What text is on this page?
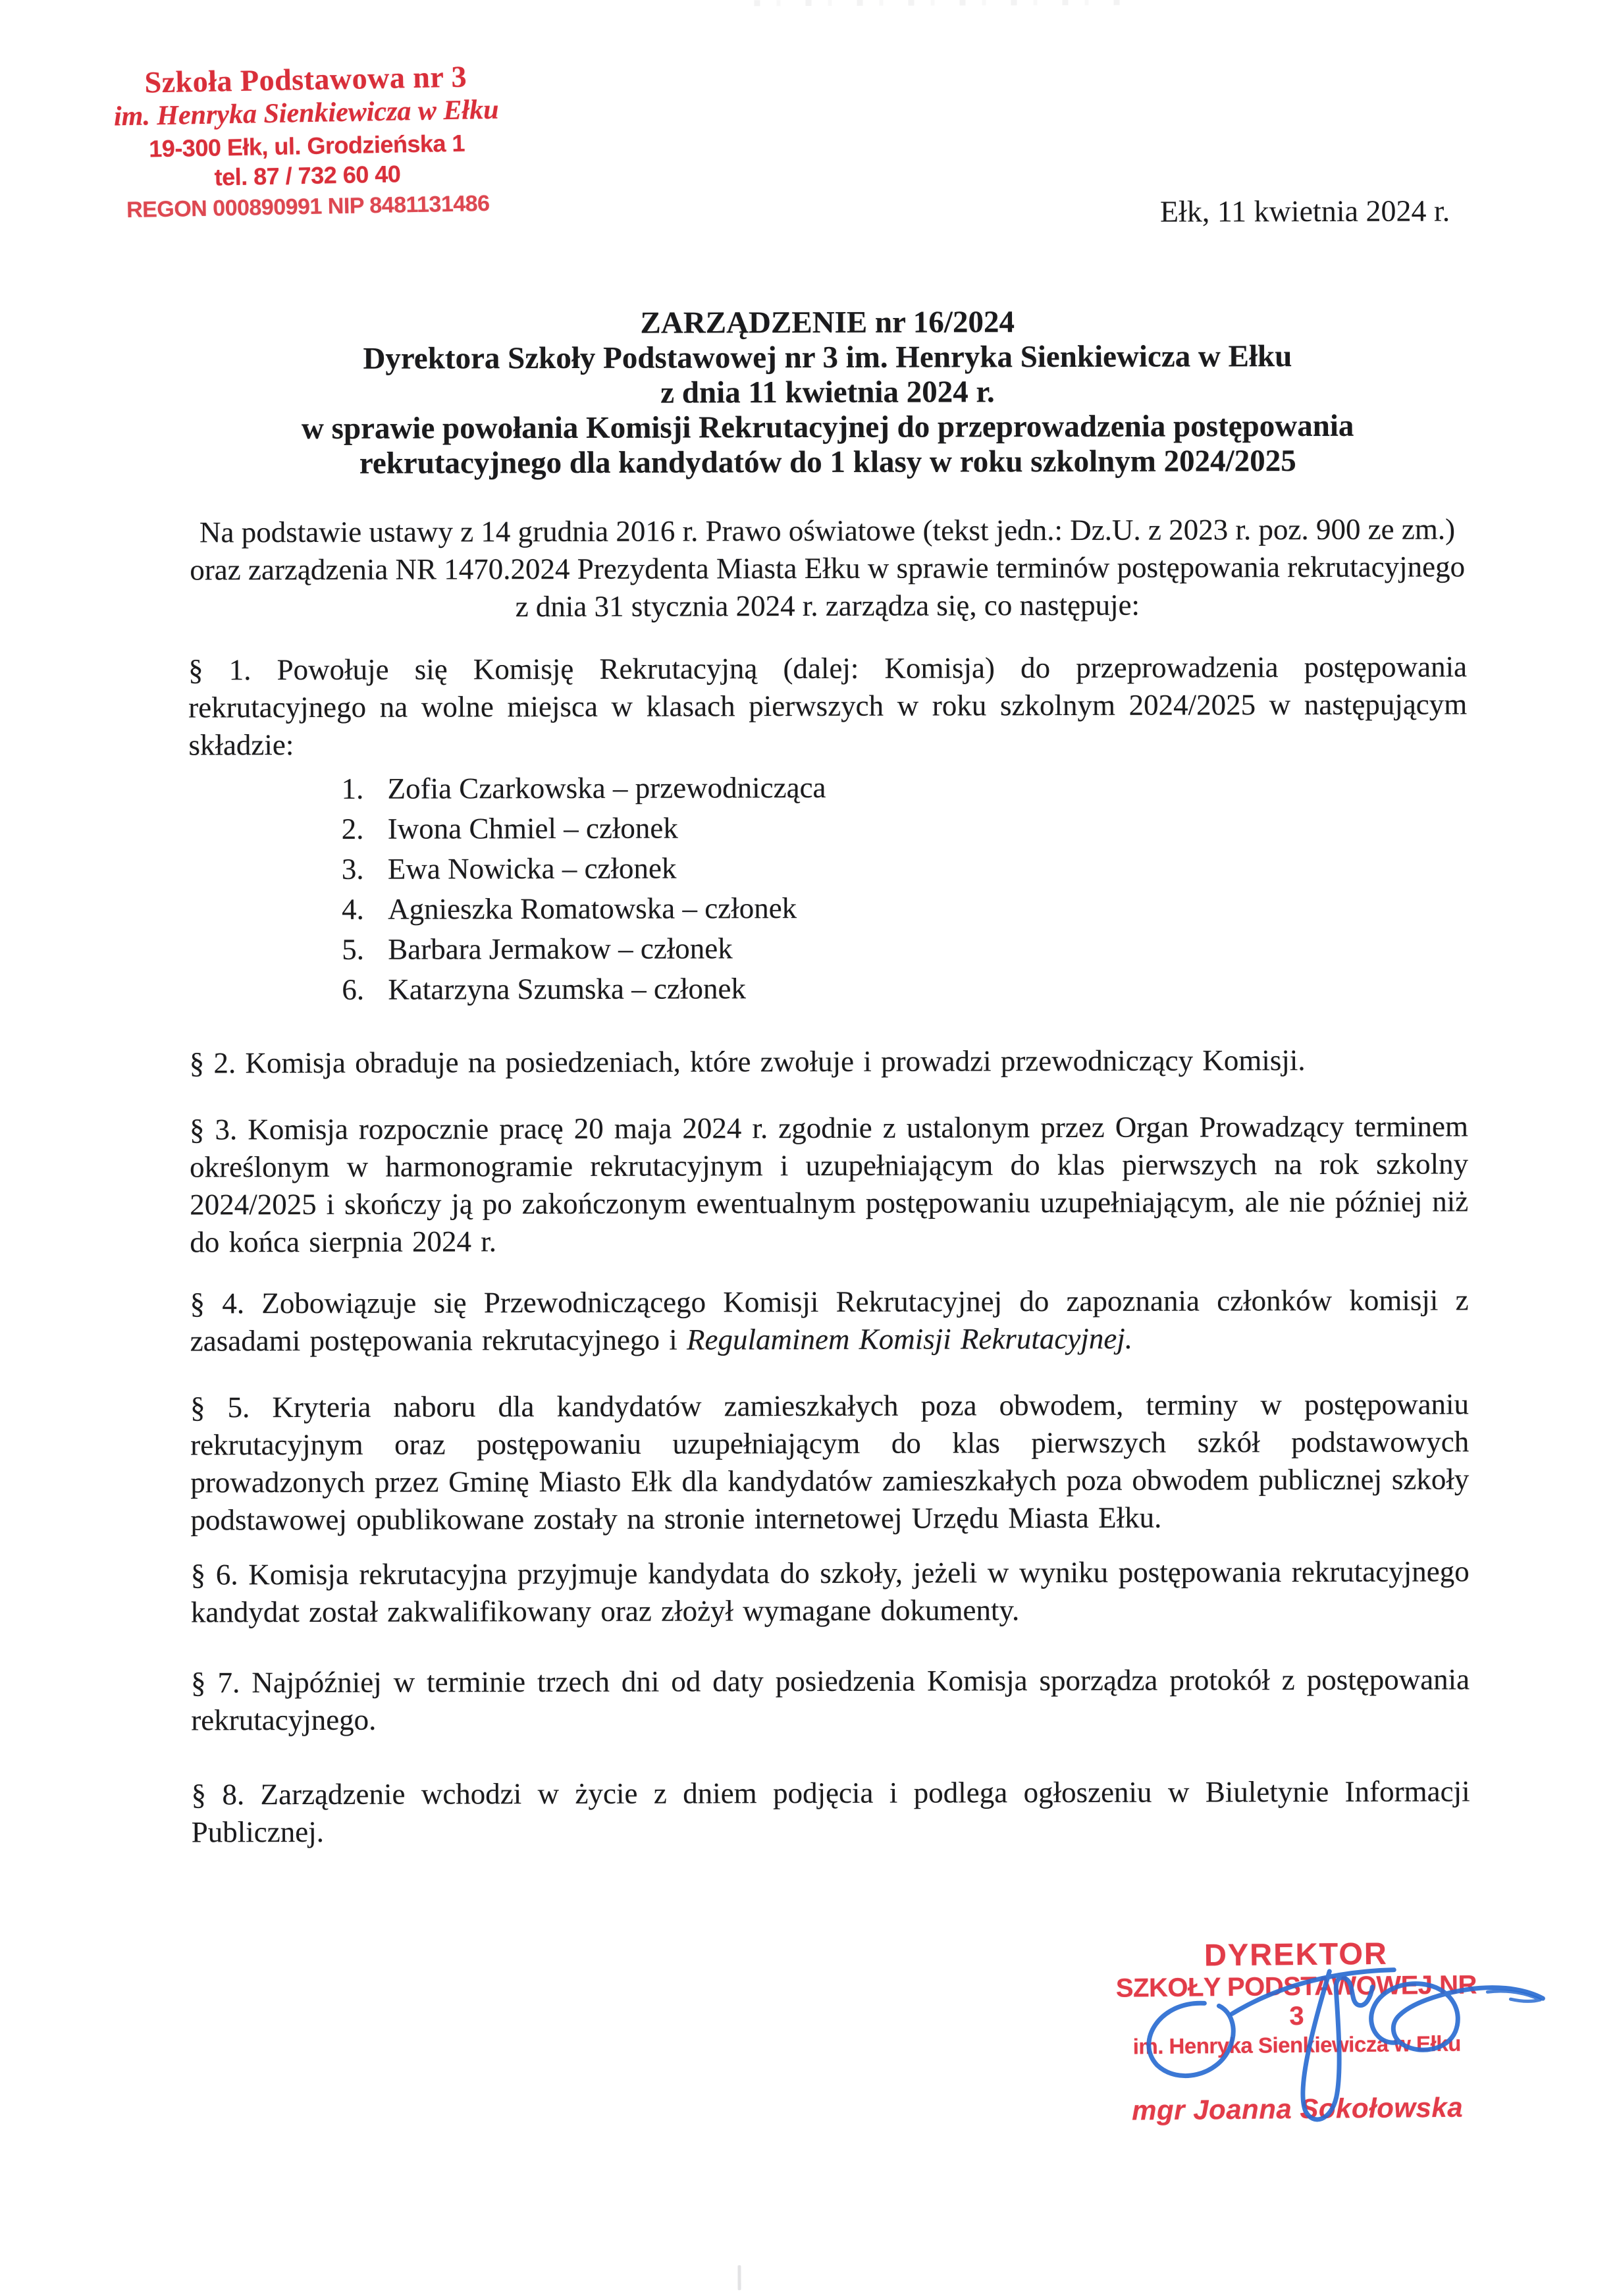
Szkoła Podstawowa nr 3
im. Henryka Sienkiewicza w Ełku
19-300 Ełk, ul. Grodzieńska 1
tel. 87 / 732 60 40
REGON 000890991 NIP 8481131486	Ełk, 11 kwietnia 2024 r.
ZARZĄDZENIE nr 16/2024
Dyrektora Szkoły Podstawowej nr 3 im. Henryka Sienkiewicza w Ełku
z dnia 11 kwietnia 2024 r.
w sprawie powołania Komisji Rekrutacyjnej do przeprowadzenia postępowania
rekrutacyjnego dla kandydatów do 1 klasy w roku szkolnym 2024/2025

Na podstawie ustawy z 14 grudnia 2016 r. Prawo oświatowe (tekst jedn.: Dz.U. z 2023 r. poz. 900 ze zm.) oraz zarządzenia NR 1470.2024 Prezydenta Miasta Ełku w sprawie terminów postępowania rekrutacyjnego z dnia 31 stycznia 2024 r. zarządza się, co następuje:

§ 1. Powołuje się Komisję Rekrutacyjną (dalej: Komisja) do przeprowadzenia postępowania rekrutacyjnego na wolne miejsca w klasach pierwszych w roku szkolnym 2024/2025 w następującym składzie:

1. Zofia Czarkowska – przewodnicząca
2. Iwona Chmiel – członek
3. Ewa Nowicka – członek
4. Agnieszka Romatowska – członek
5. Barbara Jermakow – członek
6. Katarzyna Szumska – członek

§ 2. Komisja obraduje na posiedzeniach, które zwołuje i prowadzi przewodniczący Komisji.

§ 3. Komisja rozpocznie pracę 20 maja 2024 r. zgodnie z ustalonym przez Organ Prowadzący terminem określonym w harmonogramie rekrutacyjnym i uzupełniającym do klas pierwszych na rok szkolny 2024/2025 i skończy ją po zakończonym ewentualnym postępowaniu uzupełniającym, ale nie później niż do końca sierpnia 2024 r.

§ 4. Zobowiązuje się Przewodniczącego Komisji Rekrutacyjnej do zapoznania członków komisji z zasadami postępowania rekrutacyjnego i Regulaminem Komisji Rekrutacyjnej.

§ 5. Kryteria naboru dla kandydatów zamieszkałych poza obwodem, terminy w postępowaniu rekrutacyjnym oraz postępowaniu uzupełniającym do klas pierwszych szkół podstawowych prowadzonych przez Gminę Miasto Ełk dla kandydatów zamieszkałych poza obwodem publicznej szkoły podstawowej opublikowane zostały na stronie internetowej Urzędu Miasta Ełku.

§ 6. Komisja rekrutacyjna przyjmuje kandydata do szkoły, jeżeli w wyniku postępowania rekrutacyjnego kandydat został zakwalifikowany oraz złożył wymagane dokumenty.

§ 7. Najpóźniej w terminie trzech dni od daty posiedzenia Komisja sporządza protokół z postępowania rekrutacyjnego.

§ 8. Zarządzenie wchodzi w życie z dniem podjęcia i podlega ogłoszeniu w Biuletynie Informacji Publicznej.

DYREKTOR
SZKOŁY PODSTAWOWEJ NR 3
im. Henryka Sienkiewicza w Ełku
mgr Joanna Sokołowska
